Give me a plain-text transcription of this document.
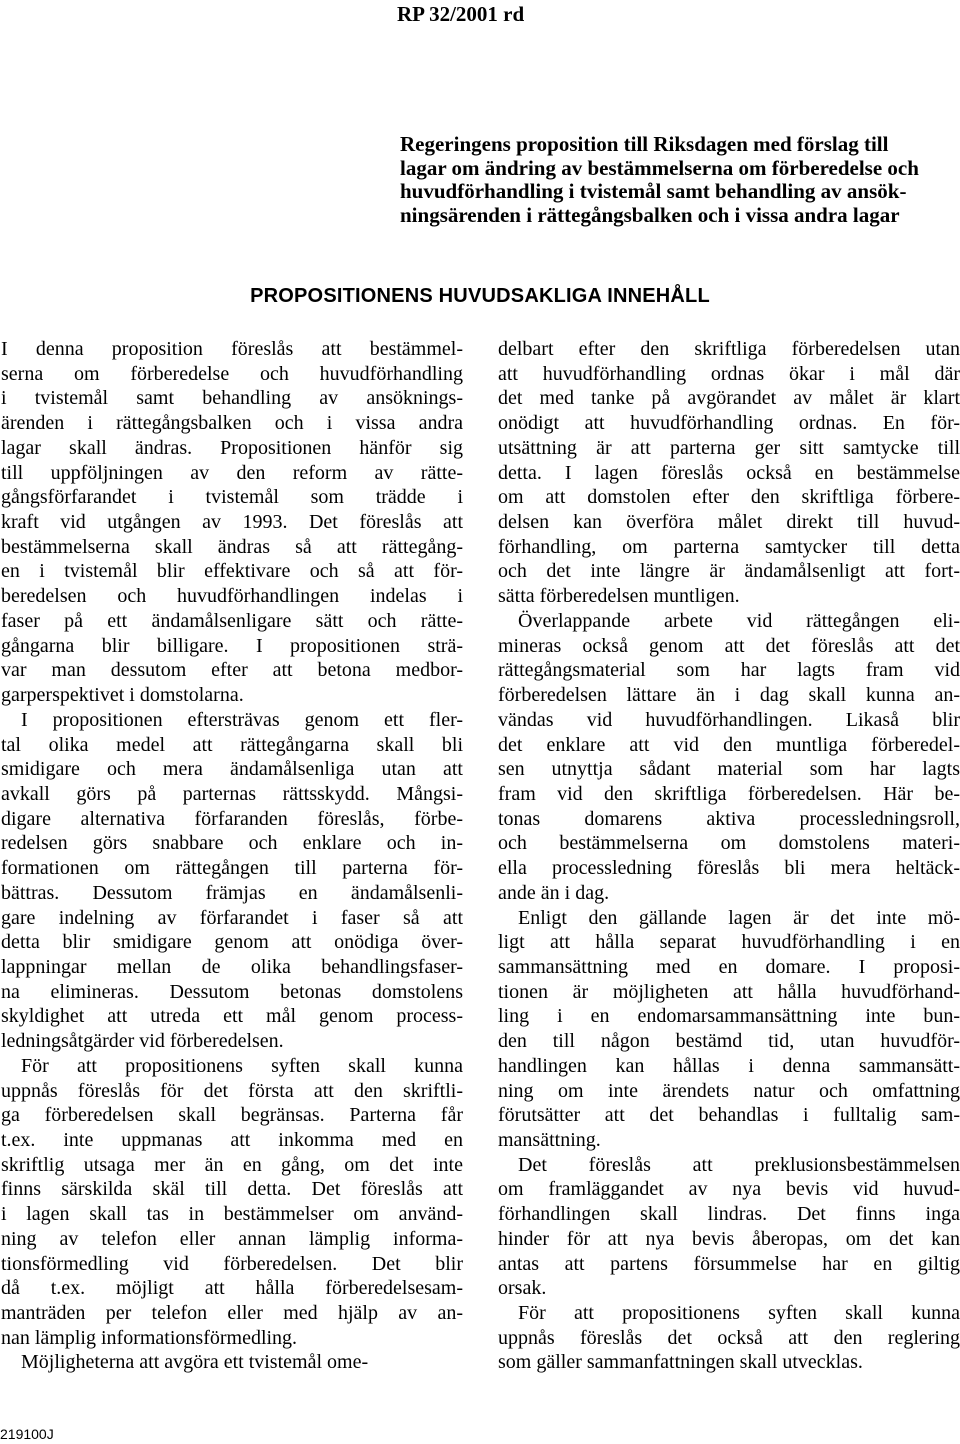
RP 32/2001 rd

Regeringens proposition till Riksdagen med förslag till
lagar om ändring av bestämmelserna om förberedelse och
huvudförhandling i tvistemål samt behandling av ansök-
ningsärenden i rättegångsbalken och i vissa andra lagar
PROPOSITIONENS HUVUDSAKLIGA INNEHÅLL

I denna proposition föreslås att bestämmel-
serna om förberedelse och huvudförhandling
i tvistemål samt behandling av ansöknings-
ärenden i rättegångsbalken och i vissa andra
lagar skall ändras. Propositionen hänför sig
till uppföljningen av den reform av rätte-
gångsförfarandet i tvistemål som trädde i
kraft vid utgången av 1993. Det föreslås att
bestämmelserna skall ändras så att rättegång-
en i tvistemål blir effektivare och så att för-
beredelsen och huvudförhandlingen indelas i
faser på ett ändamålsenligare sätt och rätte-
gångarna blir billigare. I propositionen strä-
var man dessutom efter att betona medbor-
garperspektivet i domstolarna.

I propositionen eftersträvas genom ett fler-
tal olika medel att rättegångarna skall bli
smidigare och mera ändamålsenliga utan att
avkall görs på parternas rättsskydd. Mångsi-
digare alternativa förfaranden föreslås, förbe-
redelsen görs snabbare och enklare och in-
formationen om rättegången till parterna för-
bättras. Dessutom främjas en ändamålsenli-
gare indelning av förfarandet i faser så att
detta blir smidigare genom att onödiga över-
lappningar mellan de olika behandlingsfaser-
na elimineras. Dessutom betonas domstolens
skyldighet att utreda ett mål genom process-
ledningsåtgärder vid förberedelsen.

För att propositionens syften skall kunna
uppnås föreslås för det första att den skriftli-
ga förberedelsen skall begränsas. Parterna får
t.ex. inte uppmanas att inkomma med en
skriftlig utsaga mer än en gång, om det inte
finns särskilda skäl till detta. Det föreslås att
i lagen skall tas in bestämmelser om använd-
ning av telefon eller annan lämplig informa-
tionsförmedling vid förberedelsen. Det blir
då t.ex. möjligt att hålla förberedelsesam-
manträden per telefon eller med hjälp av an-
nan lämplig informationsförmedling.

Möjligheterna att avgöra ett tvistemål ome-

delbart efter den skriftliga förberedelsen utan
att huvudförhandling ordnas ökar i mål där
det med tanke på avgörandet av målet är klart
onödigt att huvudförhandling ordnas. En för-
utsättning är att parterna ger sitt samtycke till
detta. I lagen föreslås också en bestämmelse
om att domstolen efter den skriftliga förbere-
delsen kan överföra målet direkt till huvud-
förhandling, om parterna samtycker till detta
och det inte längre är ändamålsenligt att fort-
sätta förberedelsen muntligen.

Överlappande arbete vid rättegången eli-
mineras också genom att det föreslås att det
rättegångsmaterial som har lagts fram vid
förberedelsen lättare än i dag skall kunna an-
vändas vid huvudförhandlingen. Likaså blir
det enklare att vid den muntliga förberedel-
sen utnyttja sådant material som har lagts
fram vid den skriftliga förberedelsen. Här be-
tonas domarens aktiva processledningsroll,
och bestämmelserna om domstolens materi-
ella processledning föreslås bli mera heltäck-
ande än i dag.

Enligt den gällande lagen är det inte mö-
ligt att hålla separat huvudförhandling i en
sammansättning med en domare. I proposi-
tionen är möjligheten att hålla huvudförhand-
ling i en endomarsammansättning inte bun-
den till någon bestämd tid, utan huvudför-
handlingen kan hållas i denna sammansätt-
ning om inte ärendets natur och omfattning
förutsätter att det behandlas i fulltalig sam-
mansättning.

Det föreslås att preklusionsbestämmelsen
om framläggandet av nya bevis vid huvud-
förhandlingen skall lindras. Det finns inga
hinder för att nya bevis åberopas, om det kan
antas att partens försummelse har en giltig
orsak.

För att propositionens syften skall kunna
uppnås föreslås det också att den reglering
som gäller sammanfattningen skall utvecklas.

219100J
